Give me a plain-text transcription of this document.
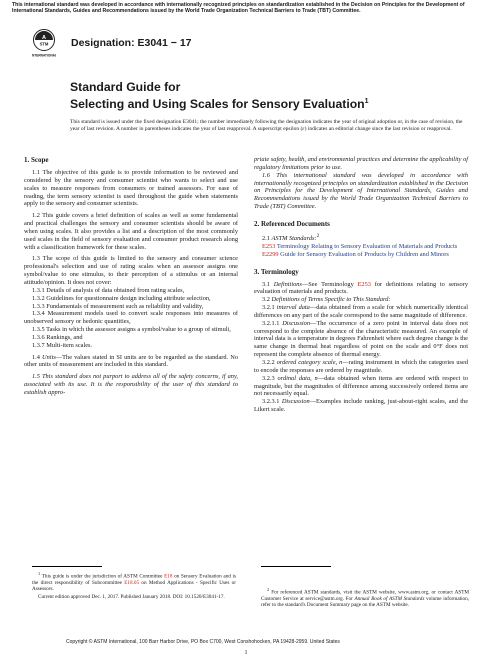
This international standard was developed in accordance with internationally recognized principles on standardization established in the Decision on Principles for the Development of International Standards, Guides and Recommendations issued by the World Trade Organization Technical Barriers to Trade (TBT) Committee.
A
STM
INTERNATIONAL
Designation: E3041 − 17
Standard Guide for
Selecting and Using Scales for Sensory Evaluation$^1$
This standard is issued under the fixed designation E3041; the number immediately following the designation indicates the year of original adoption or, in the case of revision, the year of last revision. A number in parentheses indicates the year of last reapproval. A superscript epsilon (ε) indicates an editorial change since the last revision or reapproval.
1. Scope

1.1 The objective of this guide is to provide information to be reviewed and considered by the sensory and consumer scientist who wants to select and use scales to measure responses from consumers or trained assessors. For ease of reading, the term sensory scientist is used throughout the guide when statements apply to the sensory and consumer scientists.

1.2 This guide covers a brief definition of scales as well as some fundamental and practical challenges the sensory and consumer scientists should be aware of when using scales. It also provides a list and a description of the most commonly used scales in the field of sensory evaluation and consumer product research along with a classification framework for these scales.

1.3 The scope of this guide is limited to the sensory and consumer science professional's selection and use of rating scales when an assessor assigns one symbol/value to one stimulus, to their perception of a stimulus or an internal attitude/opinion. It does not cover:

1.3.1 Details of analysis of data obtained from rating scales,

1.3.2 Guidelines for questionnaire design including attribute selection,

1.3.3 Fundamentals of measurement such as reliability and validity,

1.3.4 Measurement models used to convert scale responses into measures of unobserved sensory or hedonic quantities,

1.3.5 Tasks in which the assessor assigns a symbol/value to a group of stimuli,

1.3.6 Rankings, and

1.3.7 Multi-item scales.

1.4 Units—The values stated in SI units are to be regarded as the standard. No other units of measurement are included in this standard.

1.5 This standard does not purport to address all of the safety concerns, if any, associated with its use. It is the responsibility of the user of this standard to establish appro-

priate safety, health, and environmental practices and determine the applicability of regulatory limitations prior to use.

1.6 This international standard was developed in accordance with internationally recognized principles on standardization established in the Decision on Principles for the Development of International Standards, Guides and Recommendations issued by the World Trade Organization Technical Barriers to Trade (TBT) Committee.

2. Referenced Documents

2.1 ASTM Standards:$^2$

E253 Terminology Relating to Sensory Evaluation of Materials and Products

E2299 Guide for Sensory Evaluation of Products by Children and Minors

3. Terminology

3.1 Definitions—See Terminology E253 for definitions relating to sensory evaluation of materials and products.

3.2 Definitions of Terms Specific to This Standard:

3.2.1 interval data—data obtained from a scale for which numerically identical differences on any part of the scale correspond to the same magnitude of difference.

3.2.1.1 Discussion—The occurrence of a zero point in interval data does not correspond to the complete absence of the characteristic measured. An example of interval data is a temperature in degrees Fahrenheit where each degree change is the same change in thermal heat regardless of point on the scale and 0°F does not represent the complete absence of thermal energy.

3.2.2 ordered category scale, n—rating instrument in which the categories used to encode the responses are ordered by magnitude.

3.2.3 ordinal data, n—data obtained when items are ordered with respect to magnitude, but the magnitudes of difference among successively ordered items are not necessarily equal.

3.2.3.1 Discussion—Examples include ranking, just-about-right scales, and the Likert scale.

$^1$ This guide is under the jurisdiction of ASTM Committee E18 on Sensory Evaluation and is the direct responsibility of Subcommittee E18.05 on Method Applications - Specific Uses or Assessors.

Current edition approved Dec. 1, 2017. Published January 2018. DOI: 10.1520/E3041-17.

$^2$ For referenced ASTM standards, visit the ASTM website, www.astm.org, or contact ASTM Customer Service at service@astm.org. For Annual Book of ASTM Standards volume information, refer to the standard's Document Summary page on the ASTM website.

Copyright © ASTM International, 100 Barr Harbor Drive, PO Box C700, West Conshohocken, PA 19428-2959. United States
1
